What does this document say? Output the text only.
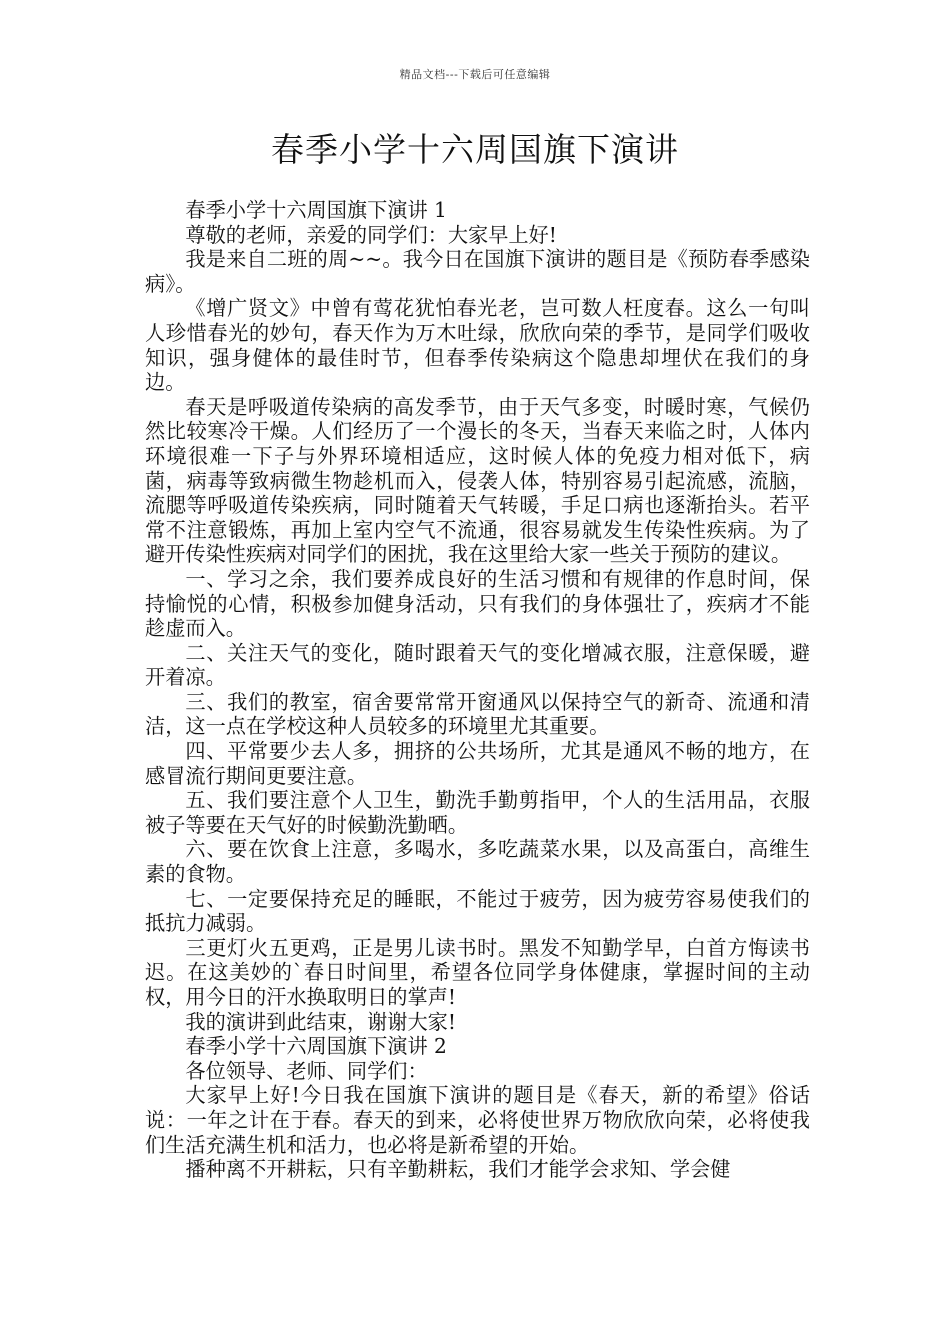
精品文档---下载后可任意编辑
春季小学十六周国旗下演讲

春季小学十六周国旗下演讲 1

尊敬的老师，亲爱的同学们：大家早上好!

我是来自二班的周~~。我今日在国旗下演讲的题目是《预防春季感染病》。

《增广贤文》中曾有莺花犹怕春光老，岂可数人枉度春。这么一句叫人珍惜春光的妙句，春天作为万木吐绿，欣欣向荣的季节，是同学们吸收知识，强身健体的最佳时节，但春季传染病这个隐患却埋伏在我们的身边。

春天是呼吸道传染病的高发季节，由于天气多变，时暖时寒，气候仍然比较寒冷干燥。人们经历了一个漫长的冬天，当春天来临之时，人体内环境很难一下子与外界环境相适应，这时候人体的免疫力相对低下，病菌，病毒等致病微生物趁机而入，侵袭人体，特别容易引起流感，流脑，流腮等呼吸道传染疾病，同时随着天气转暖，手足口病也逐渐抬头。若平常不注意锻炼，再加上室内空气不流通，很容易就发生传染性疾病。为了避开传染性疾病对同学们的困扰，我在这里给大家一些关于预防的建议。

一、学习之余，我们要养成良好的生活习惯和有规律的作息时间，保持愉悦的心情，积极参加健身活动，只有我们的身体强壮了，疾病才不能趁虚而入。

二、关注天气的变化，随时跟着天气的变化增减衣服，注意保暖，避开着凉。

三、我们的教室，宿舍要常常开窗通风以保持空气的新奇、流通和清洁，这一点在学校这种人员较多的环境里尤其重要。

四、平常要少去人多，拥挤的公共场所，尤其是通风不畅的地方，在感冒流行期间更要注意。

五、我们要注意个人卫生，勤洗手勤剪指甲，个人的生活用品，衣服被子等要在天气好的时候勤洗勤晒。

六、要在饮食上注意，多喝水，多吃蔬菜水果，以及高蛋白，高维生素的食物。

七、一定要保持充足的睡眠，不能过于疲劳，因为疲劳容易使我们的抵抗力减弱。

三更灯火五更鸡，正是男儿读书时。黑发不知勤学早，白首方悔读书迟。在这美妙的`春日时间里，希望各位同学身体健康，掌握时间的主动权，用今日的汗水换取明日的掌声!

我的演讲到此结束，谢谢大家!

春季小学十六周国旗下演讲 2

各位领导、老师、同学们：

大家早上好!今日我在国旗下演讲的题目是《春天，新的希望》俗话说：一年之计在于春。春天的到来，必将使世界万物欣欣向荣，必将使我们生活充满生机和活力，也必将是新希望的开始。

播种离不开耕耘，只有辛勤耕耘，我们才能学会求知、学会健
